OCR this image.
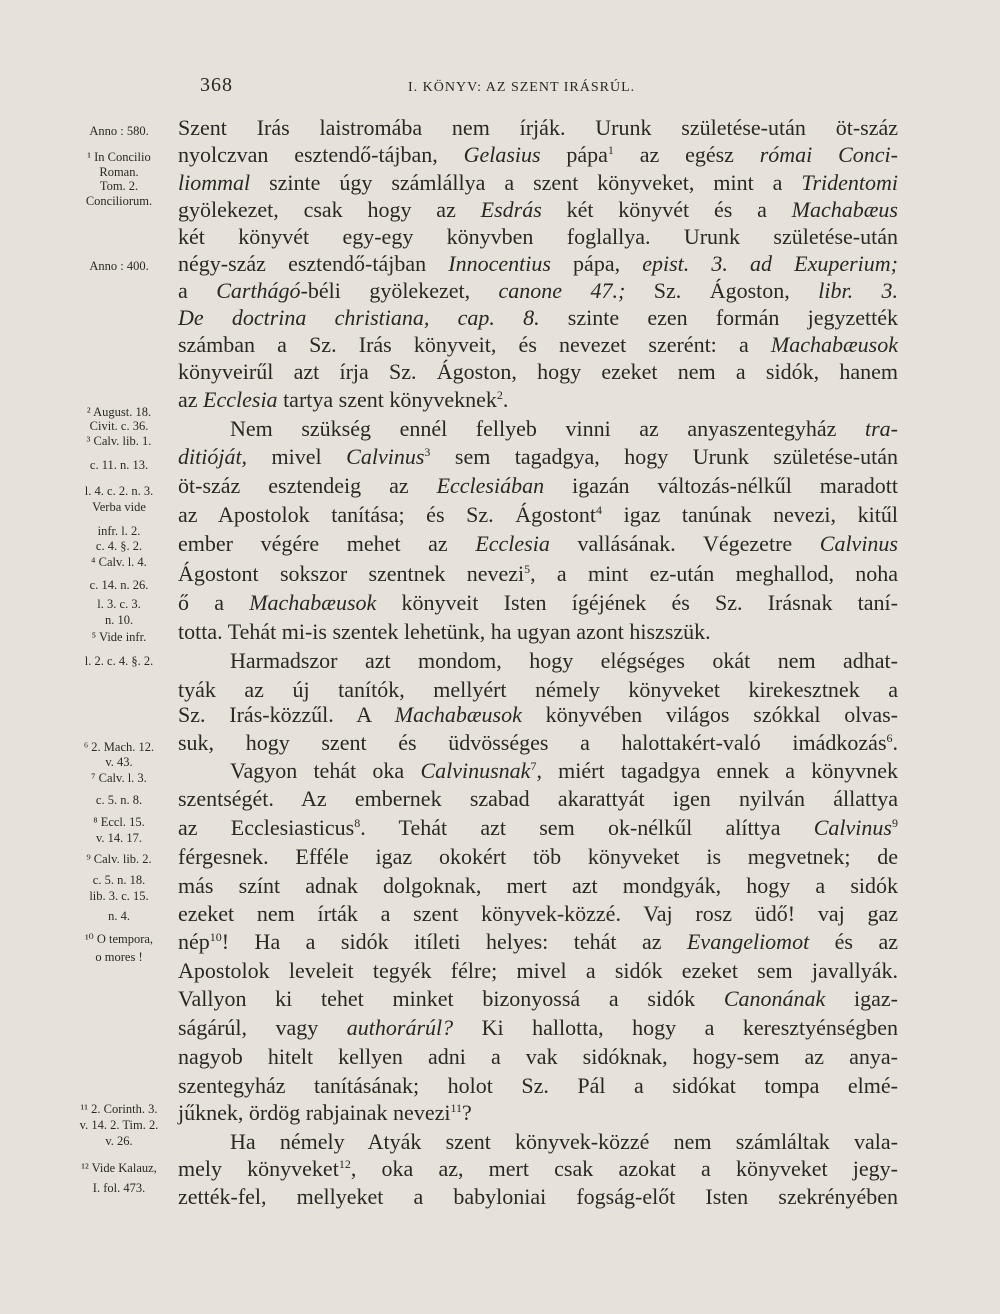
368	I. KÖNYV: AZ SZENT IRÁSRÚL.
Anno : 580.
¹ In Concilio
Roman.
Tom. 2.
Conciliorum.
Anno : 400.
² August. 18.
Civit. c. 36.
³ Calv. lib. 1.
c. 11. n. 13.
l. 4. c. 2. n. 3.
Verba vide
infr. l. 2.
c. 4. §. 2.
⁴ Calv. l. 4.
c. 14. n. 26.
l. 3. c. 3.
n. 10.
⁵ Vide infr.
l. 2. c. 4. §. 2.
⁶ 2. Mach. 12.
v. 43.
⁷ Calv. l. 3.
c. 5. n. 8.
⁸ Eccl. 15.
v. 14. 17.
⁹ Calv. lib. 2.
c. 5. n. 18.
lib. 3. c. 15.
n. 4.
¹⁰ O tempora,
o mores !
¹¹ 2. Corinth. 3.
v. 14. 2. Tim. 2.
v. 26.
¹² Vide Kalauz,
I. fol. 473.
Szent Irás laistromába nem írják. Urunk születése-után öt-száz
nyolczvan esztendő-tájban, Gelasius pápa$^1$ az egész római Conci-
liommal szinte úgy számlállya a szent könyveket, mint a Tridentomi
gyölekezet, csak hogy az Esdrás két könyvét és a Machabæus
két könyvét egy-egy könyvben foglallya. Urunk születése-után
négy-száz esztendő-tájban Innocentius pápa, epist. 3. ad Exuperium;
a Carthágó-béli gyölekezet, canone 47.; Sz. Ágoston, libr. 3.
De doctrina christiana, cap. 8. szinte ezen formán jegyzették
számban a Sz. Irás könyveit, és nevezet szerént: a Machabæusok
könyveirűl azt írja Sz. Ágoston, hogy ezeket nem a sidók, hanem
az Ecclesia tartya szent könyveknek$^2$.
Nem szükség ennél fellyeb vinni az anyaszentegyház tra-
ditióját, mivel Calvinus$^3$ sem tagadgya, hogy Urunk születése-után
öt-száz esztendeig az Ecclesiában igazán változás-nélkűl maradott
az Apostolok tanítása; és Sz. Ágostont$^4$ igaz tanúnak nevezi, kitűl
ember végére mehet az Ecclesia vallásának. Végezetre Calvinus
Ágostont sokszor szentnek nevezi$^5$, a mint ez-után meghallod, noha
ő a Machabæusok könyveit Isten ígéjének és Sz. Irásnak taní-
totta. Tehát mi-is szentek lehetünk, ha ugyan azont hiszszük.
Harmadszor azt mondom, hogy elégséges okát nem adhat-
tyák az új tanítók, mellyért némely könyveket kirekesztnek a
Sz. Irás-közzűl. A Machabæusok könyvében világos szókkal olvas-
suk, hogy szent és üdvösséges a halottakért-való imádkozás$^6$.
Vagyon tehát oka Calvinusnak$^7$, miért tagadgya ennek a könyvnek
szentségét. Az embernek szabad akarattyát igen nyilván állattya
az Ecclesiasticus$^8$. Tehát azt sem ok-nélkűl alíttya Calvinus$^9$
férgesnek. Efféle igaz okokért töb könyveket is megvetnek; de
más színt adnak dolgoknak, mert azt mondgyák, hogy a sidók
ezeket nem írták a szent könyvek-közzé. Vaj rosz üdő! vaj gaz
nép$^{10}$! Ha a sidók itíleti helyes: tehát az Evangeliomot és az
Apostolok leveleit tegyék félre; mivel a sidók ezeket sem javallyák.
Vallyon ki tehet minket bizonyossá a sidók Canonának igaz-
ságárúl, vagy authorárúl? Ki hallotta, hogy a keresztyénségben
nagyob hitelt kellyen adni a vak sidóknak, hogy-sem az anya-
szentegyház tanításának; holot Sz. Pál a sidókat tompa elmé-
jűknek, ördög rabjainak nevezi$^{11}$?
Ha némely Atyák szent könyvek-közzé nem számláltak vala-
mely könyveket$^{12}$, oka az, mert csak azokat a könyveket jegy-
zették-fel, mellyeket a babyloniai fogság-előt Isten szekrényében
